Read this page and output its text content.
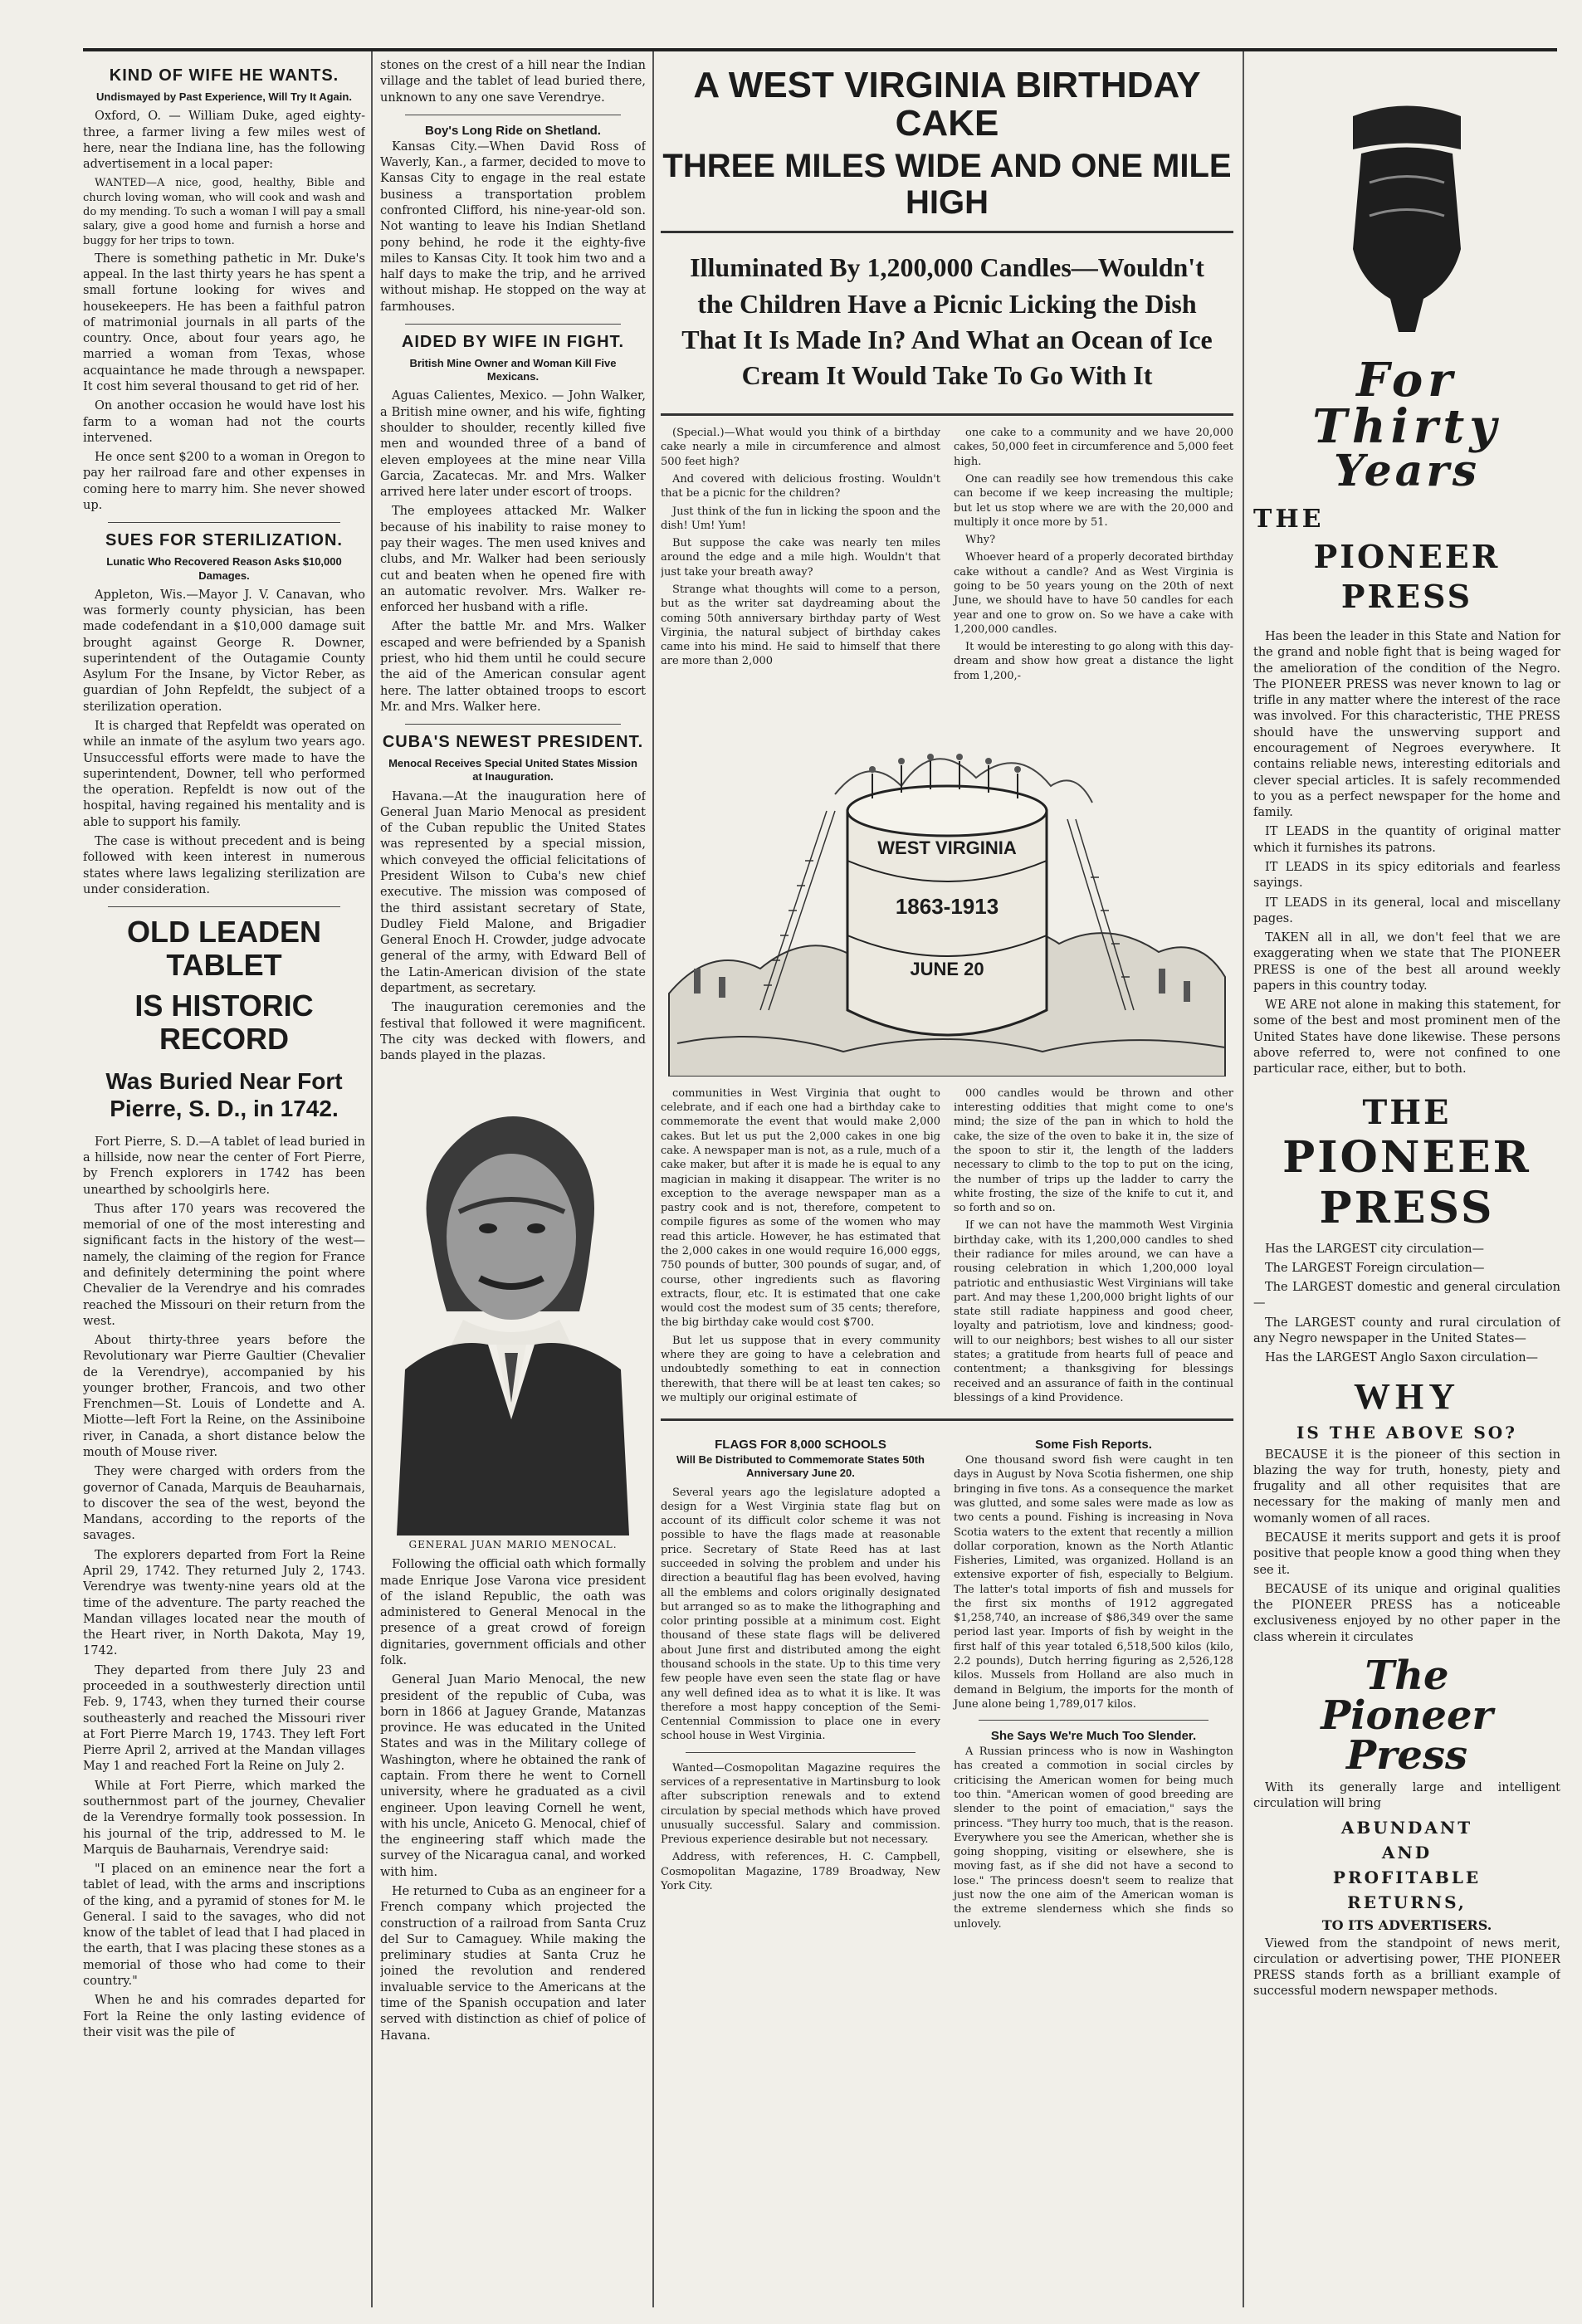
KIND OF WIFE HE WANTS.
Undismayed by Past Experience, Will Try It Again.

Oxford, O. — William Duke, aged eighty-three, a farmer living a few miles west of here, near the Indiana line, has the following advertisement in a local paper:

WANTED—A nice, good, healthy, Bible and church loving woman, who will cook and wash and do my mending. To such a woman I will pay a small salary, give a good home and furnish a horse and buggy for her trips to town.

There is something pathetic in Mr. Duke's appeal. In the last thirty years he has spent a small fortune looking for wives and housekeepers. He has been a faithful patron of matrimonial journals in all parts of the country. Once, about four years ago, he married a woman from Texas, whose acquaintance he made through a newspaper. It cost him several thousand to get rid of her.

On another occasion he would have lost his farm to a woman had not the courts intervened.

He once sent $200 to a woman in Oregon to pay her railroad fare and other expenses in coming here to marry him. She never showed up.

SUES FOR STERILIZATION.
Lunatic Who Recovered Reason Asks $10,000 Damages.

Appleton, Wis.—Mayor J. V. Canavan, who was formerly county physician, has been made codefendant in a $10,000 damage suit brought against George R. Downer, superintendent of the Outagamie County Asylum For the Insane, by Victor Reber, as guardian of John Repfeldt, the subject of a sterilization operation.

It is charged that Repfeldt was operated on while an inmate of the asylum two years ago. Unsuccessful efforts were made to have the superintendent, Downer, tell who performed the operation. Repfeldt is now out of the hospital, having regained his mentality and is able to support his family.

The case is without precedent and is being followed with keen interest in numerous states where laws legalizing sterilization are under consideration.

OLD LEADEN TABLET
IS HISTORIC RECORD
Was Buried Near Fort Pierre, S. D., in 1742.

Fort Pierre, S. D.—A tablet of lead buried in a hillside, now near the center of Fort Pierre, by French explorers in 1742 has been unearthed by schoolgirls here.

Thus after 170 years was recovered the memorial of one of the most interesting and significant facts in the history of the west—namely, the claiming of the region for France and definitely determining the point where Chevalier de la Verendrye and his comrades reached the Missouri on their return from the west.

About thirty-three years before the Revolutionary war Pierre Gaultier (Chevalier de la Verendrye), accompanied by his younger brother, Francois, and two other Frenchmen—St. Louis of Londette and A. Miotte—left Fort la Reine, on the Assiniboine river, in Canada, a short distance below the mouth of Mouse river.

They were charged with orders from the governor of Canada, Marquis de Beauharnais, to discover the sea of the west, beyond the Mandans, according to the reports of the savages.

The explorers departed from Fort la Reine April 29, 1742. They returned July 2, 1743. Verendrye was twenty-nine years old at the time of the adventure. The party reached the Mandan villages located near the mouth of the Heart river, in North Dakota, May 19, 1742.

They departed from there July 23 and proceeded in a southwesterly direction until Feb. 9, 1743, when they turned their course southeasterly and reached the Missouri river at Fort Pierre March 19, 1743. They left Fort Pierre April 2, arrived at the Mandan villages May 1 and reached Fort la Reine on July 2.

While at Fort Pierre, which marked the southernmost part of the journey, Chevalier de la Verendrye formally took possession. In his journal of the trip, addressed to M. le Marquis de Bauharnais, Verendrye said:

"I placed on an eminence near the fort a tablet of lead, with the arms and inscriptions of the king, and a pyramid of stones for M. le General. I said to the savages, who did not know of the tablet of lead that I had placed in the earth, that I was placing these stones as a memorial of those who had come to their country."

When he and his comrades departed for Fort la Reine the only lasting evidence of their visit was the pile of

stones on the crest of a hill near the Indian village and the tablet of lead buried there, unknown to any one save Verendrye.

Boy's Long Ride on Shetland.

Kansas City.—When David Ross of Waverly, Kan., a farmer, decided to move to Kansas City to engage in the real estate business a transportation problem confronted Clifford, his nine-year-old son. Not wanting to leave his Indian Shetland pony behind, he rode it the eighty-five miles to Kansas City. It took him two and a half days to make the trip, and he arrived without mishap. He stopped on the way at farmhouses.

AIDED BY WIFE IN FIGHT.
British Mine Owner and Woman Kill Five Mexicans.

Aguas Calientes, Mexico. — John Walker, a British mine owner, and his wife, fighting shoulder to shoulder, recently killed five men and wounded three of a band of eleven employees at the mine near Villa Garcia, Zacatecas. Mr. and Mrs. Walker arrived here later under escort of troops.

The employees attacked Mr. Walker because of his inability to raise money to pay their wages. The men used knives and clubs, and Mr. Walker had been seriously cut and beaten when he opened fire with an automatic revolver. Mrs. Walker re-enforced her husband with a rifle.

After the battle Mr. and Mrs. Walker escaped and were befriended by a Spanish priest, who hid them until he could secure the aid of the American consular agent here. The latter obtained troops to escort Mr. and Mrs. Walker here.

CUBA'S NEWEST PRESIDENT.
Menocal Receives Special United States Mission at Inauguration.

Havana.—At the inauguration here of General Juan Mario Menocal as president of the Cuban republic the United States was represented by a special mission, which conveyed the official felicitations of President Wilson to Cuba's new chief executive. The mission was composed of the third assistant secretary of State, Dudley Field Malone, and Brigadier General Enoch H. Crowder, judge advocate general of the army, with Edward Bell of the Latin-American division of the state department, as secretary.

The inauguration ceremonies and the festival that followed it were magnificent. The city was decked with flowers, and bands played in the plazas.

GENERAL JUAN MARIO MENOCAL.

Following the official oath which formally made Enrique Jose Varona vice president of the island Republic, the oath was administered to General Menocal in the presence of a great crowd of foreign dignitaries, government officials and other folk.

General Juan Mario Menocal, the new president of the republic of Cuba, was born in 1866 at Jaguey Grande, Matanzas province. He was educated in the United States and was in the Military college of Washington, where he obtained the rank of captain. From there he went to Cornell university, where he graduated as a civil engineer. Upon leaving Cornell he went, with his uncle, Aniceto G. Menocal, chief of the engineering staff which made the survey of the Nicaragua canal, and worked with him.

He returned to Cuba as an engineer for a French company which projected the construction of a railroad from Santa Cruz del Sur to Camaguey. While making the preliminary studies at Santa Cruz he joined the revolution and rendered invaluable service to the Americans at the time of the Spanish occupation and later served with distinction as chief of police of Havana.

A WEST VIRGINIA BIRTHDAY CAKE
THREE MILES WIDE AND ONE MILE HIGH
Illuminated By 1,200,000 Candles—Wouldn't the Children Have a Picnic Licking the Dish That It Is Made In? And What an Ocean of Ice Cream It Would Take To Go With It

(Special.)—What would you think of a birthday cake nearly a mile in circumference and almost 500 feet high?

And covered with delicious frosting. Wouldn't that be a picnic for the children?

Just think of the fun in licking the spoon and the dish! Um! Yum!

But suppose the cake was nearly ten miles around the edge and a mile high. Wouldn't that just take your breath away?

Strange what thoughts will come to a person, but as the writer sat daydreaming about the coming 50th anniversary birthday party of West Virginia, the natural subject of birthday cakes came into his mind. He said to himself that there are more than 2,000

one cake to a community and we have 20,000 cakes, 50,000 feet in circumference and 5,000 feet high.

One can readily see how tremendous this cake can become if we keep increasing the multiple; but let us stop where we are with the 20,000 and multiply it once more by 51.

Why?

Whoever heard of a properly decorated birthday cake without a candle? And as West Virginia is going to be 50 years young on the 20th of next June, we should have to have 50 candles for each year and one to grow on. So we have a cake with 1,200,000 candles.

It would be interesting to go along with this day-dream and show how great a distance the light from 1,200,-

WEST VIRGINIA
1863-1913
JUNE 20

communities in West Virginia that ought to celebrate, and if each one had a birthday cake to commemorate the event that would make 2,000 cakes. But let us put the 2,000 cakes in one big cake. A newspaper man is not, as a rule, much of a cake maker, but after it is made he is equal to any magician in making it disappear. The writer is no exception to the average newspaper man as a pastry cook and is not, therefore, competent to compile figures as some of the women who may read this article. However, he has estimated that the 2,000 cakes in one would require 16,000 eggs, 750 pounds of butter, 300 pounds of sugar, and, of course, other ingredients such as flavoring extracts, flour, etc. It is estimated that one cake would cost the modest sum of 35 cents; therefore, the big birthday cake would cost $700.

But let us suppose that in every community where they are going to have a celebration and undoubtedly something to eat in connection therewith, that there will be at least ten cakes; so we multiply our original estimate of

000 candles would be thrown and other interesting oddities that might come to one's mind; the size of the pan in which to hold the cake, the size of the oven to bake it in, the size of the spoon to stir it, the length of the ladders necessary to climb to the top to put on the icing, the number of trips up the ladder to carry the white frosting, the size of the knife to cut it, and so forth and so on.

If we can not have the mammoth West Virginia birthday cake, with its 1,200,000 candles to shed their radiance for miles around, we can have a rousing celebration in which 1,200,000 loyal patriotic and enthusiastic West Virginians will take part. And may these 1,200,000 bright lights of our state still radiate happiness and good cheer, loyalty and patriotism, love and kindness; good-will to our neighbors; best wishes to all our sister states; a gratitude from hearts full of peace and contentment; a thanksgiving for blessings received and an assurance of faith in the continual blessings of a kind Providence.

FLAGS FOR 8,000 SCHOOLS
Will Be Distributed to Commemorate States 50th Anniversary June 20.

Several years ago the legislature adopted a design for a West Virginia state flag but on account of its difficult color scheme it was not possible to have the flags made at reasonable price. Secretary of State Reed has at last succeeded in solving the problem and under his direction a beautiful flag has been evolved, having all the emblems and colors originally designated but arranged so as to make the lithographing and color printing possible at a minimum cost. Eight thousand of these state flags will be delivered about June first and distributed among the eight thousand schools in the state. Up to this time very few people have even seen the state flag or have any well defined idea as to what it is like. It was therefore a most happy conception of the Semi-Centennial Commission to place one in every school house in West Virginia.

Wanted—Cosmopolitan Magazine requires the services of a representative in Martinsburg to look after subscription renewals and to extend circulation by special methods which have proved unusually successful. Salary and commission. Previous experience desirable but not necessary.

Address, with references, H. C. Campbell, Cosmopolitan Magazine, 1789 Broadway, New York City.

Some Fish Reports.

One thousand sword fish were caught in ten days in August by Nova Scotia fishermen, one ship bringing in five tons. As a consequence the market was glutted, and some sales were made as low as two cents a pound. Fishing is increasing in Nova Scotia waters to the extent that recently a million dollar corporation, known as the North Atlantic Fisheries, Limited, was organized. Holland is an extensive exporter of fish, especially to Belgium. The latter's total imports of fish and mussels for the first six months of 1912 aggregated $1,258,740, an increase of $86,349 over the same period last year. Imports of fish by weight in the first half of this year totaled 6,518,500 kilos (kilo, 2.2 pounds), Dutch herring figuring as 2,526,128 kilos. Mussels from Holland are also much in demand in Belgium, the imports for the month of June alone being 1,789,017 kilos.

She Says We're Much Too Slender.

A Russian princess who is now in Washington has created a commotion in social circles by criticising the American women for being much too thin. "American women of good breeding are slender to the point of emaciation," says the princess. "They hurry too much, that is the reason. Everywhere you see the American, whether she is going shopping, visiting or elsewhere, she is moving fast, as if she did not have a second to lose." The princess doesn't seem to realize that just now the one aim of the American woman is the extreme slenderness which she finds so unlovely.

For Thirty
Years
THE
PIONEER PRESS

Has been the leader in this State and Nation for the grand and noble fight that is being waged for the amelioration of the condition of the Negro. The PIONEER PRESS was never known to lag or trifle in any matter where the interest of the race was involved. For this characteristic, THE PRESS should have the unswerving support and encouragement of Negroes everywhere. It contains reliable news, interesting editorials and clever special articles. It is safely recommended to you as a perfect newspaper for the home and family.

IT LEADS in the quantity of original matter which it furnishes its patrons.

IT LEADS in its spicy editorials and fearless sayings.

IT LEADS in its general, local and miscellany pages.

TAKEN all in all, we don't feel that we are exaggerating when we state that The PIONEER PRESS is one of the best all around weekly papers in this country today.

WE ARE not alone in making this statement, for some of the best and most prominent men of the United States have done likewise. These persons above referred to, were not confined to one particular race, either, but to both.

THE
PIONEER
PRESS

Has the LARGEST city circulation—

The LARGEST Foreign circulation—

The LARGEST domestic and general circulation—

The LARGEST county and rural circulation of any Negro newspaper in the United States—

Has the LARGEST Anglo Saxon circulation—

WHY
IS THE ABOVE SO?

BECAUSE it is the pioneer of this section in blazing the way for truth, honesty, piety and frugality and all other requisites that are necessary for the making of manly men and womanly women of all races.

BECAUSE it merits support and gets it is proof positive that people know a good thing when they see it.

BECAUSE of its unique and original qualities the PIONEER PRESS has a noticeable exclusiveness enjoyed by no other paper in the class wherein it circulates

The
Pioneer
Press

With its generally large and intelligent circulation will bring

ABUNDANT
AND
PROFITABLE
RETURNS,
TO ITS ADVERTISERS.

Viewed from the standpoint of news merit, circulation or advertising power, THE PIONEER PRESS stands forth as a brilliant example of successful modern newspaper methods.
